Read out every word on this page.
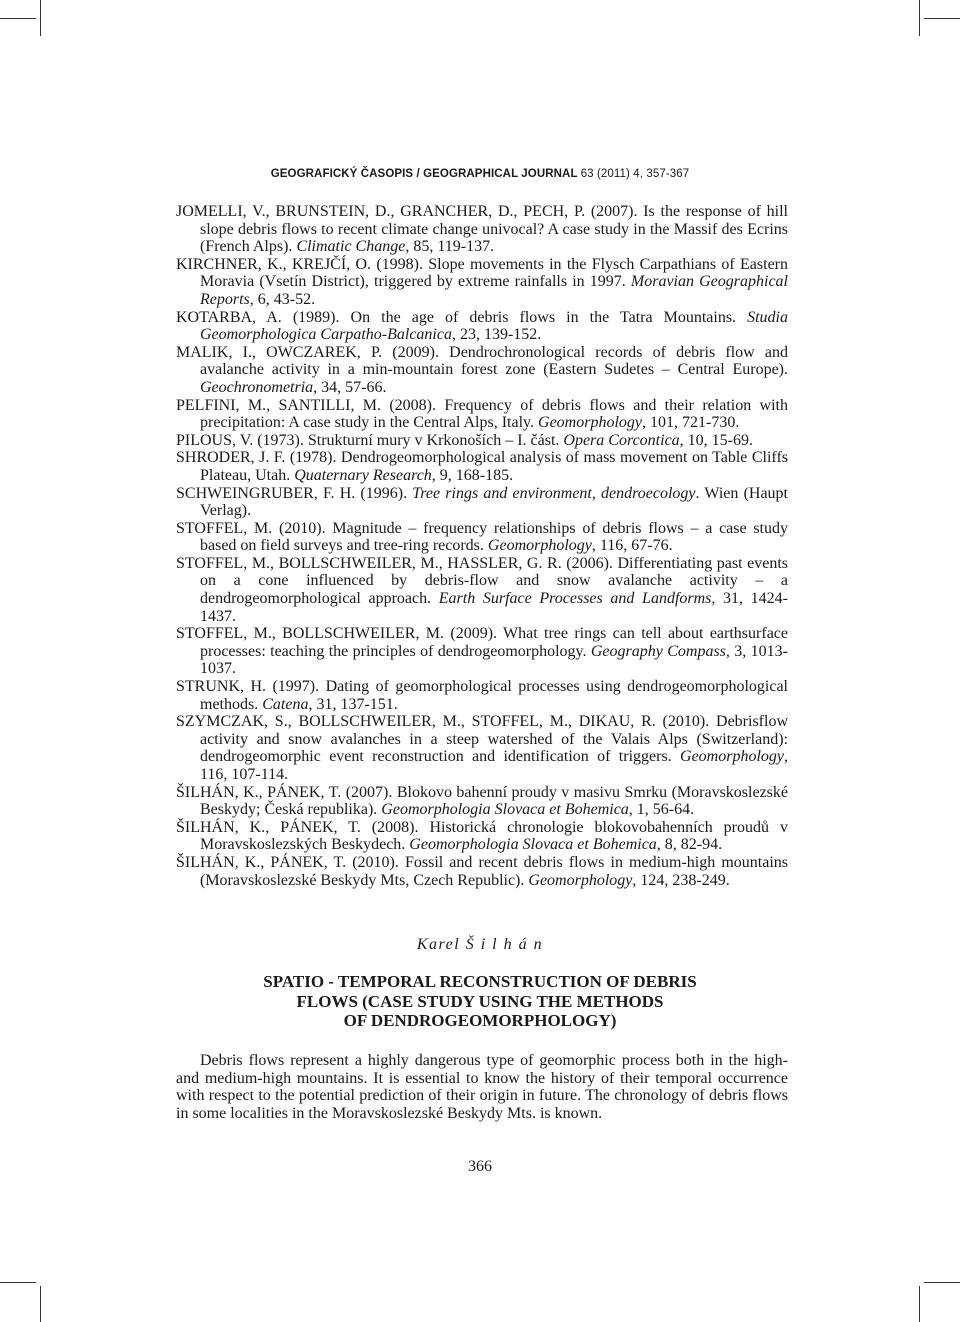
GEOGRAFICKÝ ČASOPIS / GEOGRAPHICAL JOURNAL 63 (2011) 4, 357-367

JOMELLI, V., BRUNSTEIN, D., GRANCHER, D., PECH, P. (2007). Is the response of hill slope debris flows to recent climate change univocal? A case study in the Massif des Ecrins (French Alps). Climatic Change, 85, 119-137.

KIRCHNER, K., KREJČÍ, O. (1998). Slope movements in the Flysch Carpathians of Eastern Moravia (Vsetín District), triggered by extreme rainfalls in 1997. Moravian Geographical Reports, 6, 43-52.

KOTARBA, A. (1989). On the age of debris flows in the Tatra Mountains. Studia Geomorphologica Carpatho-Balcanica, 23, 139-152.

MALIK, I., OWCZAREK, P. (2009). Dendrochronological records of debris flow and avalanche activity in a min-mountain forest zone (Eastern Sudetes – Central Europe). Geochronometria, 34, 57-66.

PELFINI, M., SANTILLI, M. (2008). Frequency of debris flows and their relation with precipitation: A case study in the Central Alps, Italy. Geomorphology, 101, 721-730.

PILOUS, V. (1973). Strukturní mury v Krkonoších – I. část. Opera Corcontica, 10, 15-69.

SHRODER, J. F. (1978). Dendrogeomorphological analysis of mass movement on Table Cliffs Plateau, Utah. Quaternary Research, 9, 168-185.

SCHWEINGRUBER, F. H. (1996). Tree rings and environment, dendroecology. Wien (Haupt Verlag).

STOFFEL, M. (2010). Magnitude – frequency relationships of debris flows – a case study based on field surveys and tree-ring records. Geomorphology, 116, 67-76.

STOFFEL, M., BOLLSCHWEILER, M., HASSLER, G. R. (2006). Differentiating past events on a cone influenced by debris-flow and snow avalanche activity – a dendrogeomorphological approach. Earth Surface Processes and Landforms, 31, 1424-1437.

STOFFEL, M., BOLLSCHWEILER, M. (2009). What tree rings can tell about earthsurface processes: teaching the principles of dendrogeomorphology. Geography Compass, 3, 1013-1037.

STRUNK, H. (1997). Dating of geomorphological processes using dendrogeomorphological methods. Catena, 31, 137-151.

SZYMCZAK, S., BOLLSCHWEILER, M., STOFFEL, M., DIKAU, R. (2010). Debrisflow activity and snow avalanches in a steep watershed of the Valais Alps (Switzerland): dendrogeomorphic event reconstruction and identification of triggers. Geomorphology, 116, 107-114.

ŠILHÁN, K., PÁNEK, T. (2007). Blokovo bahenní proudy v masivu Smrku (Moravskoslezské Beskydy; Česká republika). Geomorphologia Slovaca et Bohemica, 1, 56-64.

ŠILHÁN, K., PÁNEK, T. (2008). Historická chronologie blokovobahenních proudů v Moravskoslezských Beskydech. Geomorphologia Slovaca et Bohemica, 8, 82-94.

ŠILHÁN, K., PÁNEK, T. (2010). Fossil and recent debris flows in medium-high mountains (Moravskoslezské Beskydy Mts, Czech Republic). Geomorphology, 124, 238-249.

Karel Š i l h á n
SPATIO - TEMPORAL RECONSTRUCTION OF DEBRIS
FLOWS (CASE STUDY USING THE METHODS
OF DENDROGEOMORPHOLOGY)

Debris flows represent a highly dangerous type of geomorphic process both in the high- and medium-high mountains. It is essential to know the history of their temporal occurrence with respect to the potential prediction of their origin in future. The chronology of debris flows in some localities in the Moravskoslezské Beskydy Mts. is known.

366
